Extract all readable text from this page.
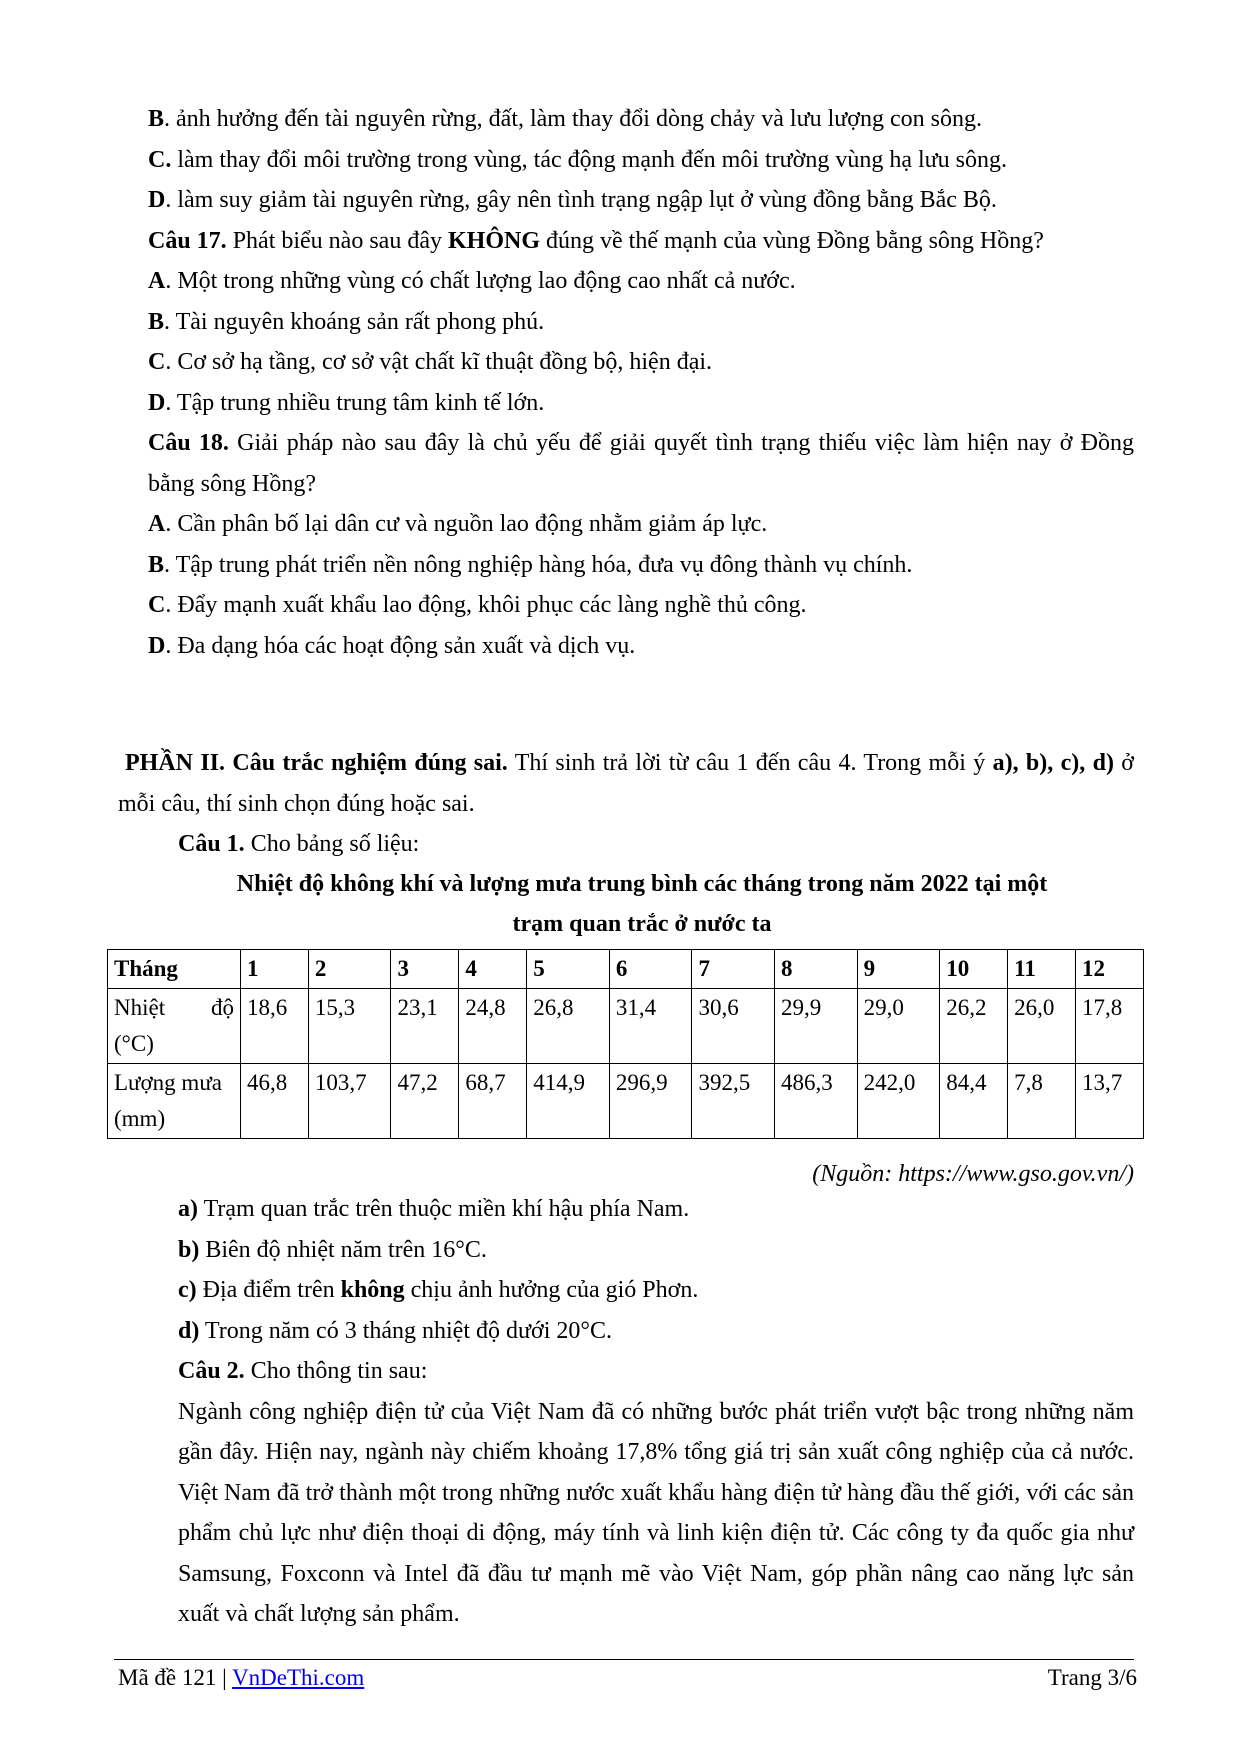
B. ảnh hưởng đến tài nguyên rừng, đất, làm thay đổi dòng chảy và lưu lượng con sông.

C. làm thay đổi môi trường trong vùng, tác động mạnh đến môi trường vùng hạ lưu sông.

D. làm suy giảm tài nguyên rừng, gây nên tình trạng ngập lụt ở vùng đồng bằng Bắc Bộ.

Câu 17. Phát biểu nào sau đây KHÔNG đúng về thế mạnh của vùng Đồng bằng sông Hồng?

A. Một trong những vùng có chất lượng lao động cao nhất cả nước.

B. Tài nguyên khoáng sản rất phong phú.

C. Cơ sở hạ tầng, cơ sở vật chất kĩ thuật đồng bộ, hiện đại.

D. Tập trung nhiều trung tâm kinh tế lớn.

Câu 18. Giải pháp nào sau đây là chủ yếu để giải quyết tình trạng thiếu việc làm hiện nay ở Đồng bằng sông Hồng?

A. Cần phân bố lại dân cư và nguồn lao động nhằm giảm áp lực.

B. Tập trung phát triển nền nông nghiệp hàng hóa, đưa vụ đông thành vụ chính.

C. Đẩy mạnh xuất khẩu lao động, khôi phục các làng nghề thủ công.

D. Đa dạng hóa các hoạt động sản xuất và dịch vụ.

PHẦN II. Câu trắc nghiệm đúng sai. Thí sinh trả lời từ câu 1 đến câu 4. Trong mỗi ý a), b), c), d) ở mỗi câu, thí sinh chọn đúng hoặc sai.

Câu 1. Cho bảng số liệu:

Nhiệt độ không khí và lượng mưa trung bình các tháng trong năm 2022 tại một
trạm quan trắc ở nước ta
Tháng	1	2	3	4	5	6	7	8	9	10	11	12

Nhiệt độ
(°C)	18,6	15,3	23,1	24,8	26,8	31,4	30,6	29,9	29,0	26,2	26,0	17,8

Lượng mưa
(mm)	46,8	103,7	47,2	68,7	414,9	296,9	392,5	486,3	242,0	84,4	7,8	13,7
(Nguồn: https://www.gso.gov.vn/)

a) Trạm quan trắc trên thuộc miền khí hậu phía Nam.

b) Biên độ nhiệt năm trên 16°C.

c) Địa điểm trên không chịu ảnh hưởng của gió Phơn.

d) Trong năm có 3 tháng nhiệt độ dưới 20°C.

Câu 2. Cho thông tin sau:

Ngành công nghiệp điện tử của Việt Nam đã có những bước phát triển vượt bậc trong những năm gần đây. Hiện nay, ngành này chiếm khoảng 17,8% tổng giá trị sản xuất công nghiệp của cả nước. Việt Nam đã trở thành một trong những nước xuất khẩu hàng điện tử hàng đầu thế giới, với các sản phẩm chủ lực như điện thoại di động, máy tính và linh kiện điện tử. Các công ty đa quốc gia như Samsung, Foxconn và Intel đã đầu tư mạnh mẽ vào Việt Nam, góp phần nâng cao năng lực sản xuất và chất lượng sản phẩm.

Mã đề 121 | VnDeThi.com	Trang 3/6
